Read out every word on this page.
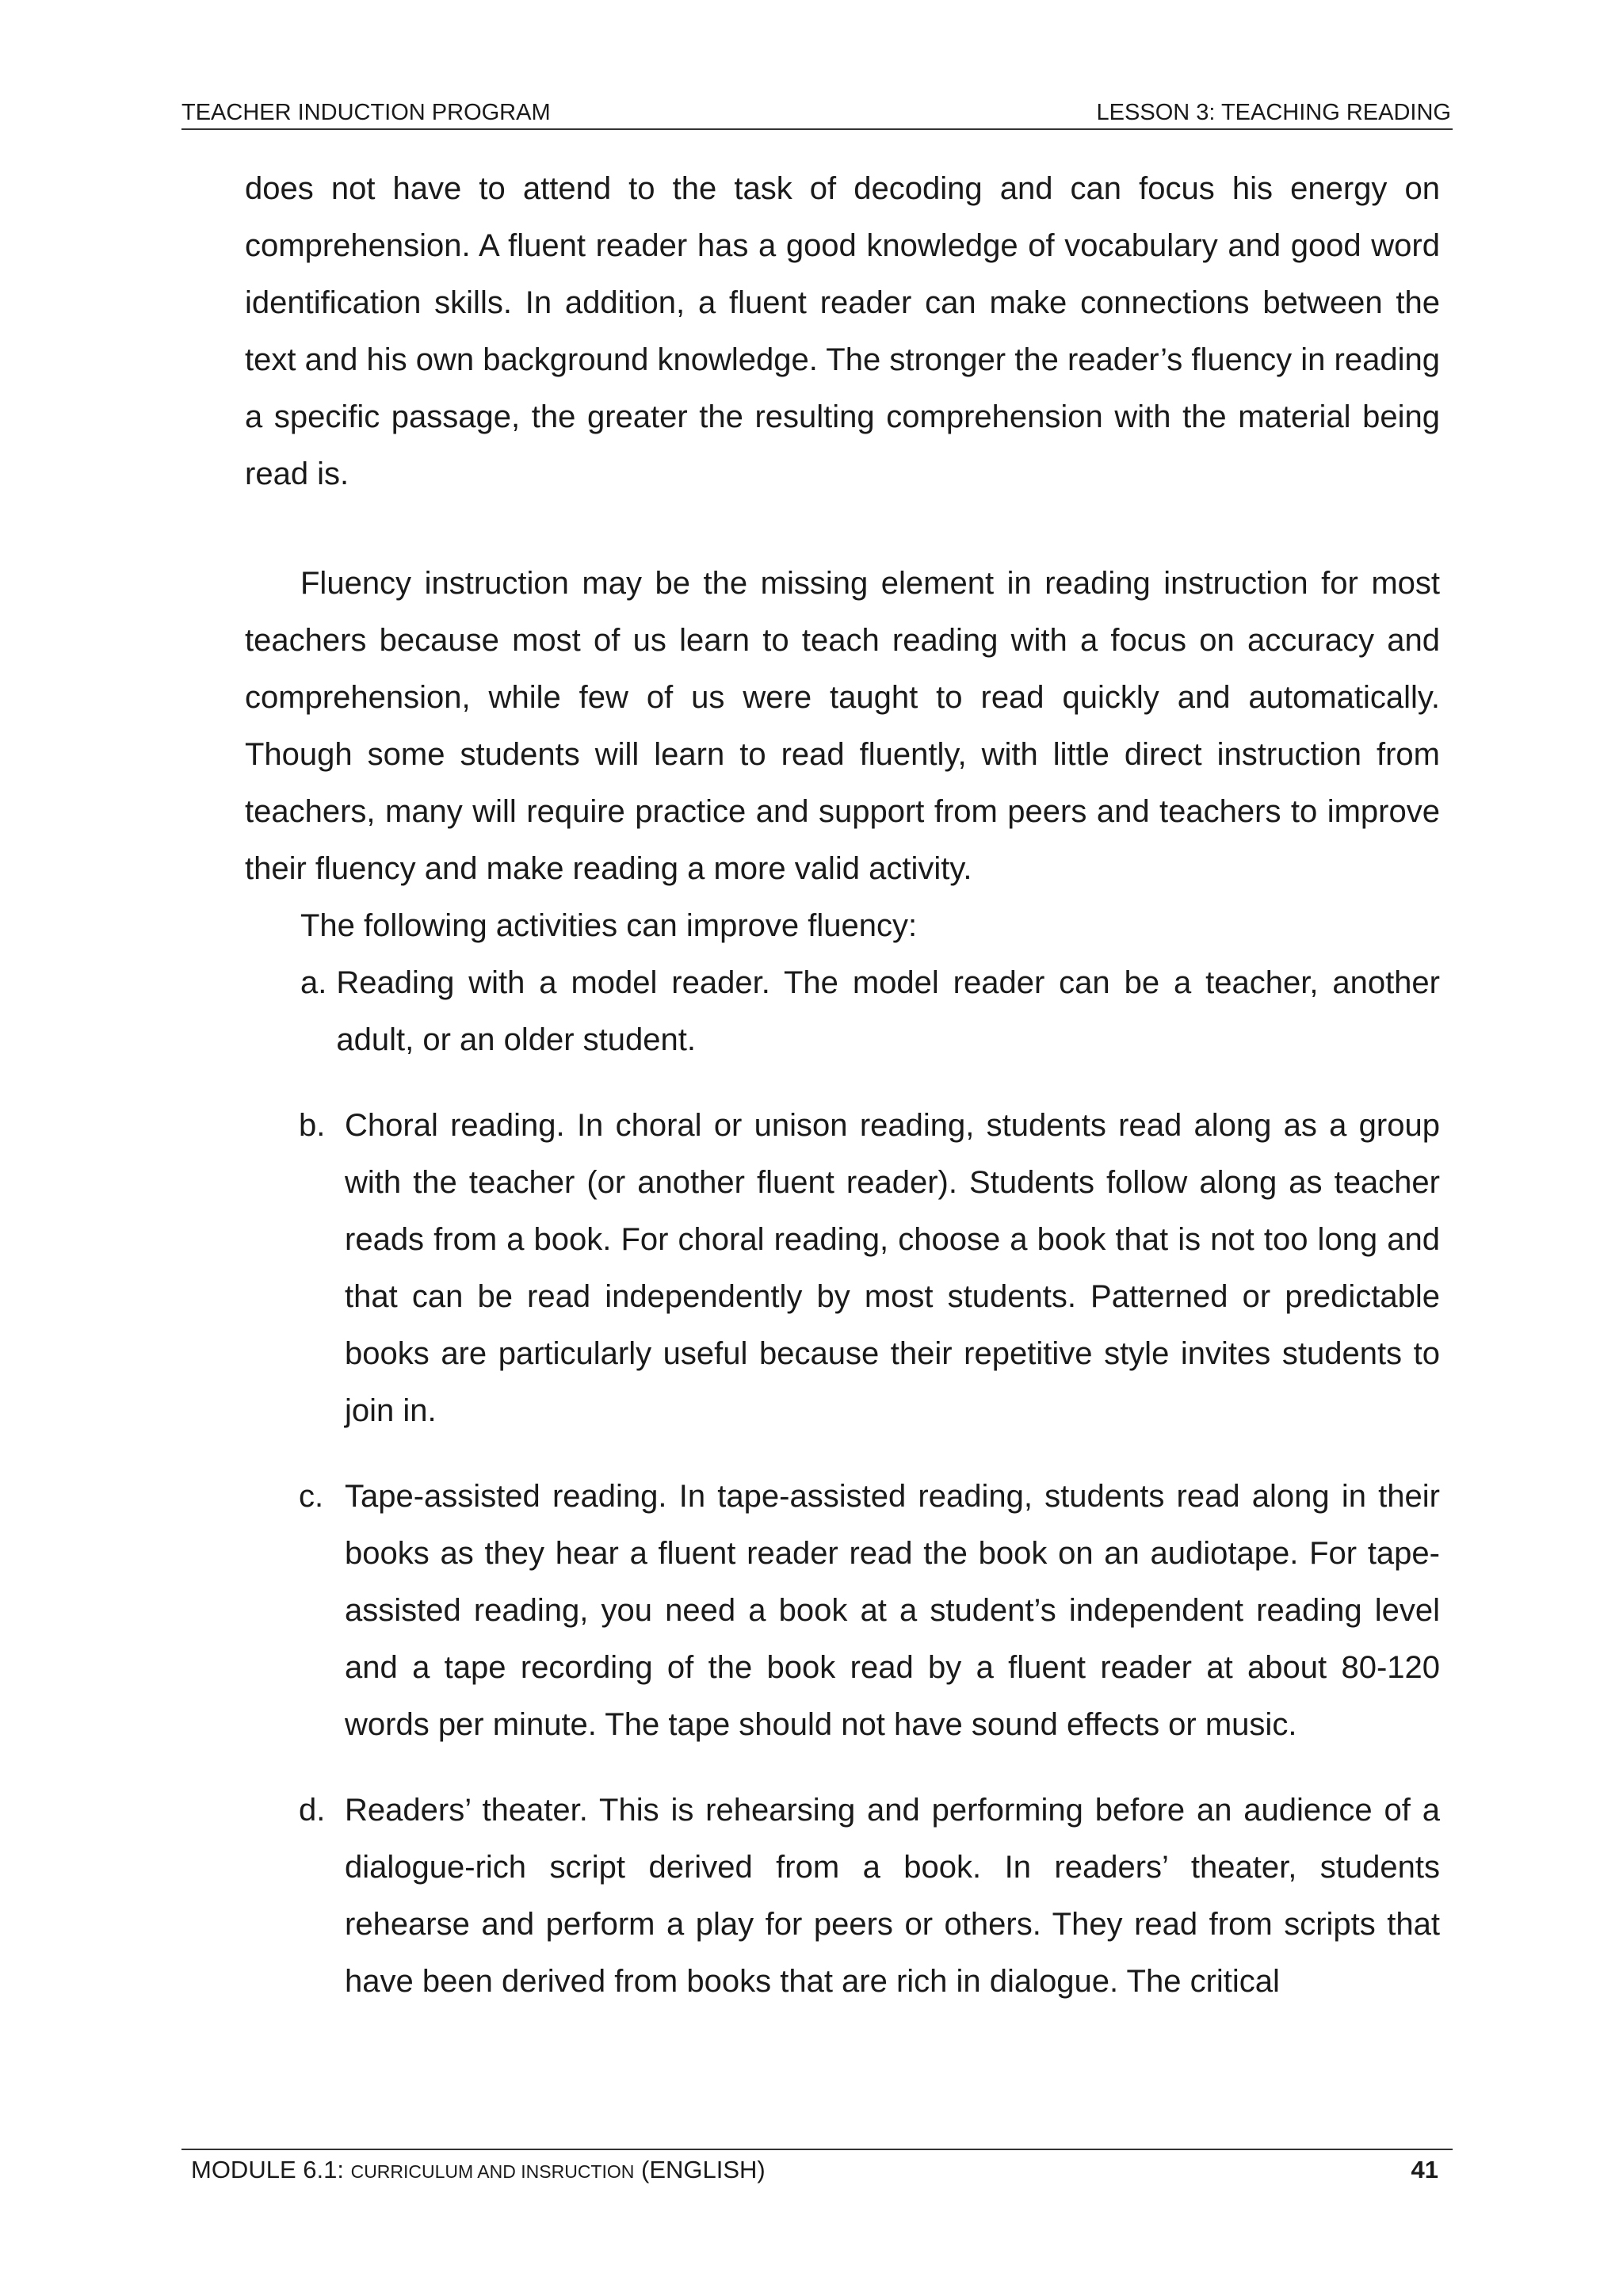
TEACHER INDUCTION PROGRAM	LESSON 3: TEACHING READING

does not have to attend to the task of decoding and can focus his energy on comprehension. A fluent reader has a good knowledge of vocabulary and good word identification skills. In addition, a fluent reader can make connections between the text and his own background knowledge. The stronger the reader’s fluency in reading a specific passage, the greater the resulting comprehension with the material being read is.

Fluency instruction may be the missing element in reading instruction for most teachers because most of us learn to teach reading with a focus on accuracy and comprehension, while few of us were taught to read quickly and automatically. Though some students will learn to read fluently, with little direct instruction from teachers, many will require practice and support from peers and teachers to improve their fluency and make reading a more valid activity.

The following activities can improve fluency:

a. Reading with a model reader. The model reader can be a teacher, another adult, or an older student.
b. Choral reading. In choral or unison reading, students read along as a group with the teacher (or another fluent reader). Students follow along as teacher reads from a book. For choral reading, choose a book that is not too long and that can be read independently by most students. Patterned or predictable books are particularly useful because their repetitive style invites students to join in.
c. Tape-assisted reading. In tape-assisted reading, students read along in their books as they hear a fluent reader read the book on an audiotape. For tape-assisted reading, you need a book at a student’s independent reading level and a tape recording of the book read by a fluent reader at about 80-120 words per minute. The tape should not have sound effects or music.
d. Readers’ theater. This is rehearsing and performing before an audience of a dialogue-rich script derived from a book. In readers’ theater, students rehearse and perform a play for peers or others. They read from scripts that have been derived from books that are rich in dialogue. The critical
MODULE 6.1: CURRICULUM AND INSRUCTION (ENGLISH)	41
